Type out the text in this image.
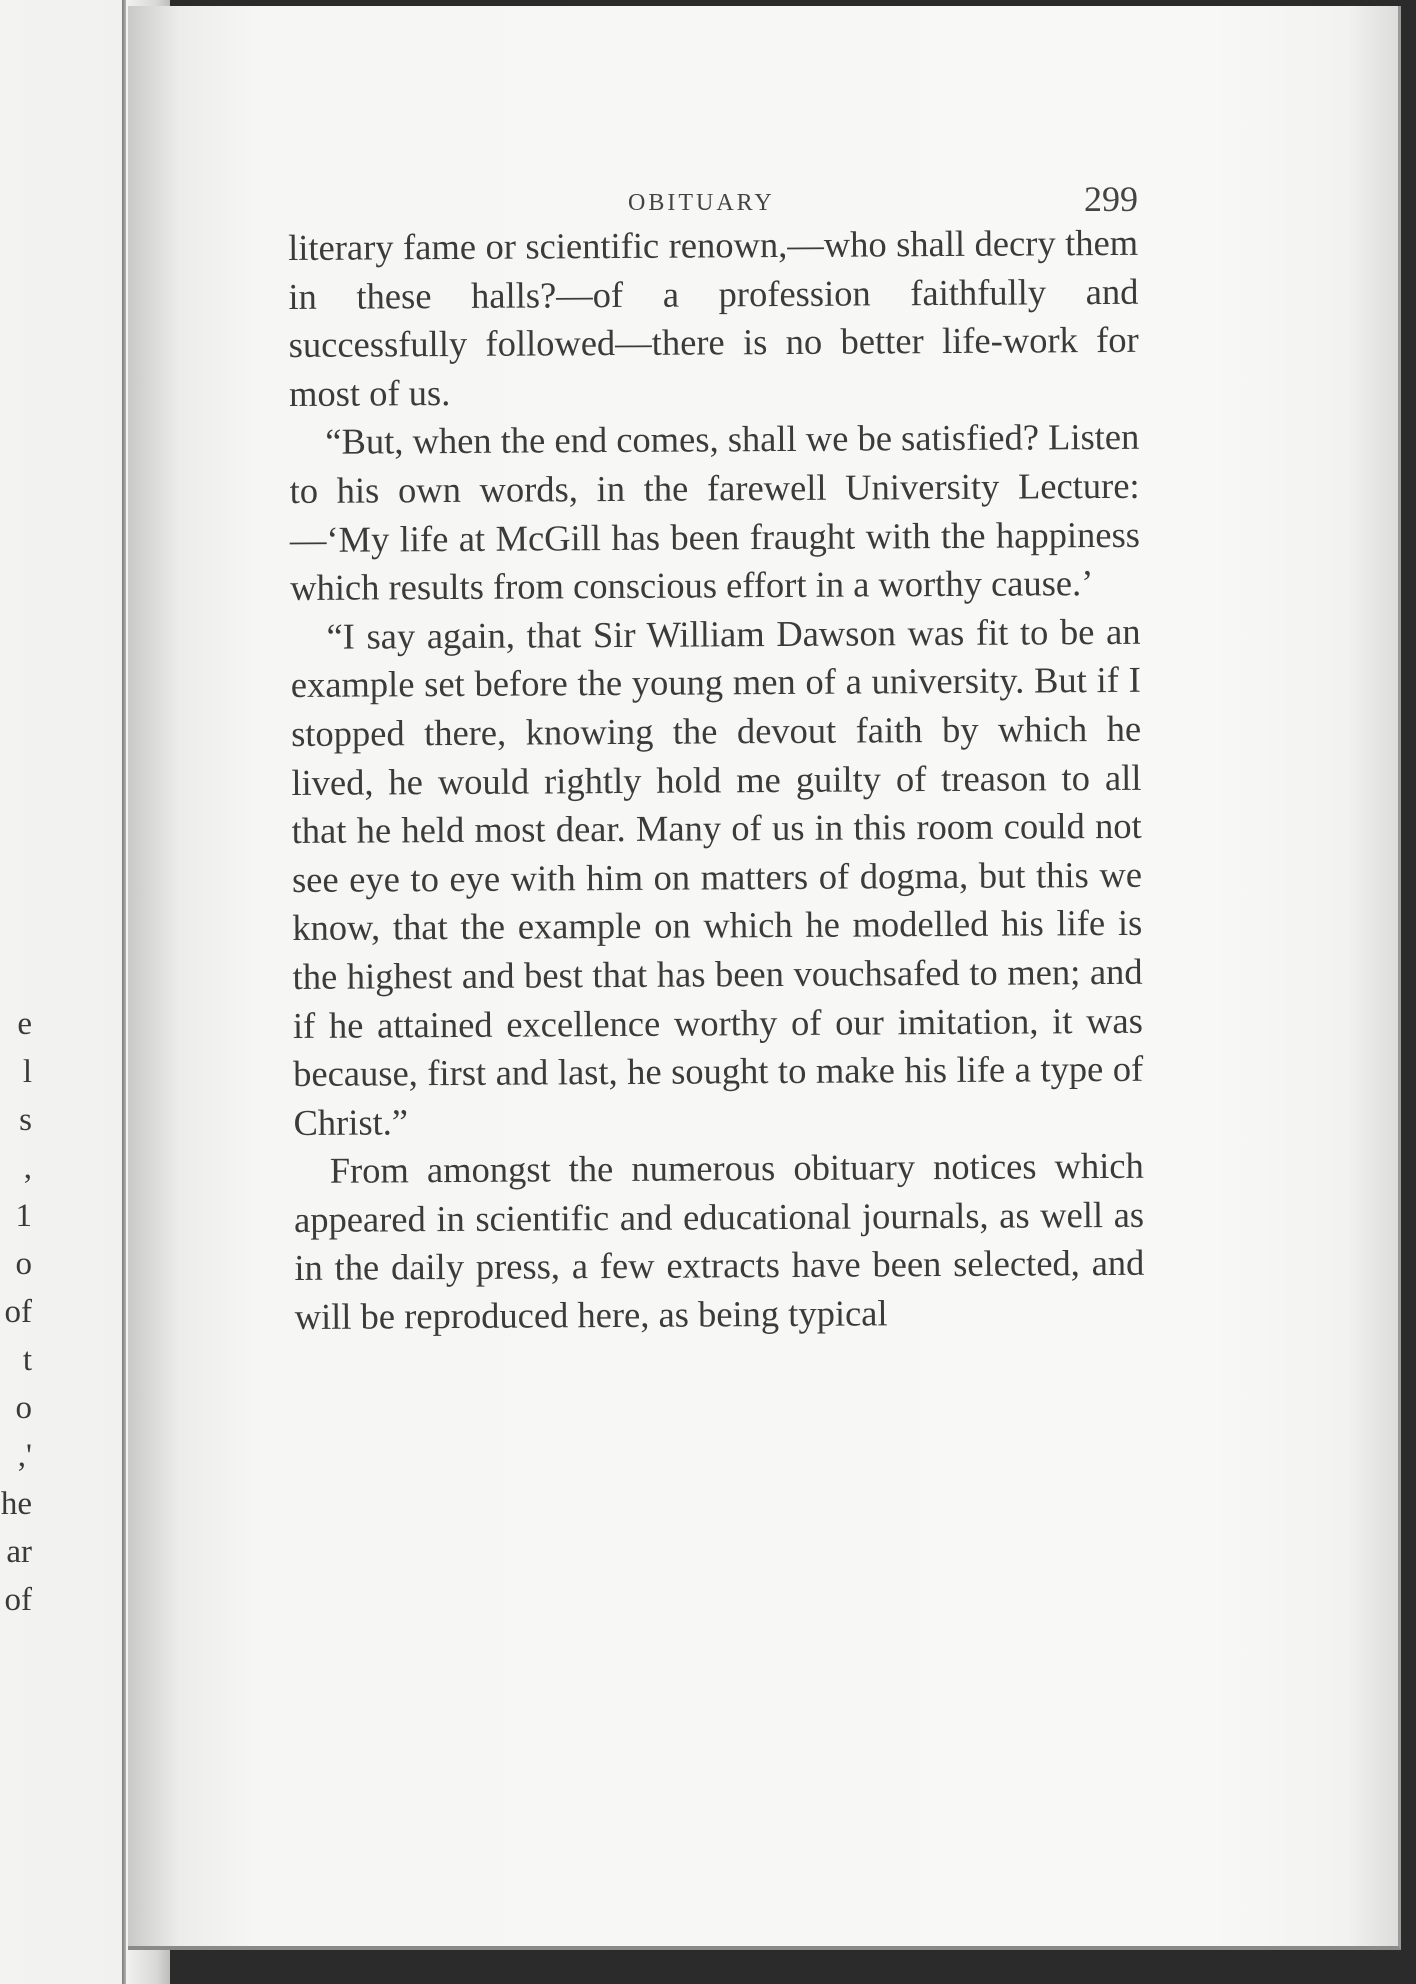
e
l
s
,
1
o
of
t
o
,'
he
ar
of
OBITUARY	299

literary fame or scientific renown,—who shall decry them in these halls?—of a profession faithfully and successfully followed—there is no better life-work for most of us.

“But, when the end comes, shall we be satisfied? Listen to his own words, in the farewell University Lecture:—‘My life at McGill has been fraught with the happiness which results from conscious effort in a worthy cause.’

“I say again, that Sir William Dawson was fit to be an example set before the young men of a university. But if I stopped there, knowing the devout faith by which he lived, he would rightly hold me guilty of treason to all that he held most dear. Many of us in this room could not see eye to eye with him on matters of dogma, but this we know, that the example on which he modelled his life is the highest and best that has been vouchsafed to men; and if he attained excellence worthy of our imitation, it was because, first and last, he sought to make his life a type of Christ.”

From amongst the numerous obituary notices which appeared in scientific and educational journals, as well as in the daily press, a few extracts have been selected, and will be reproduced here, as being typical
